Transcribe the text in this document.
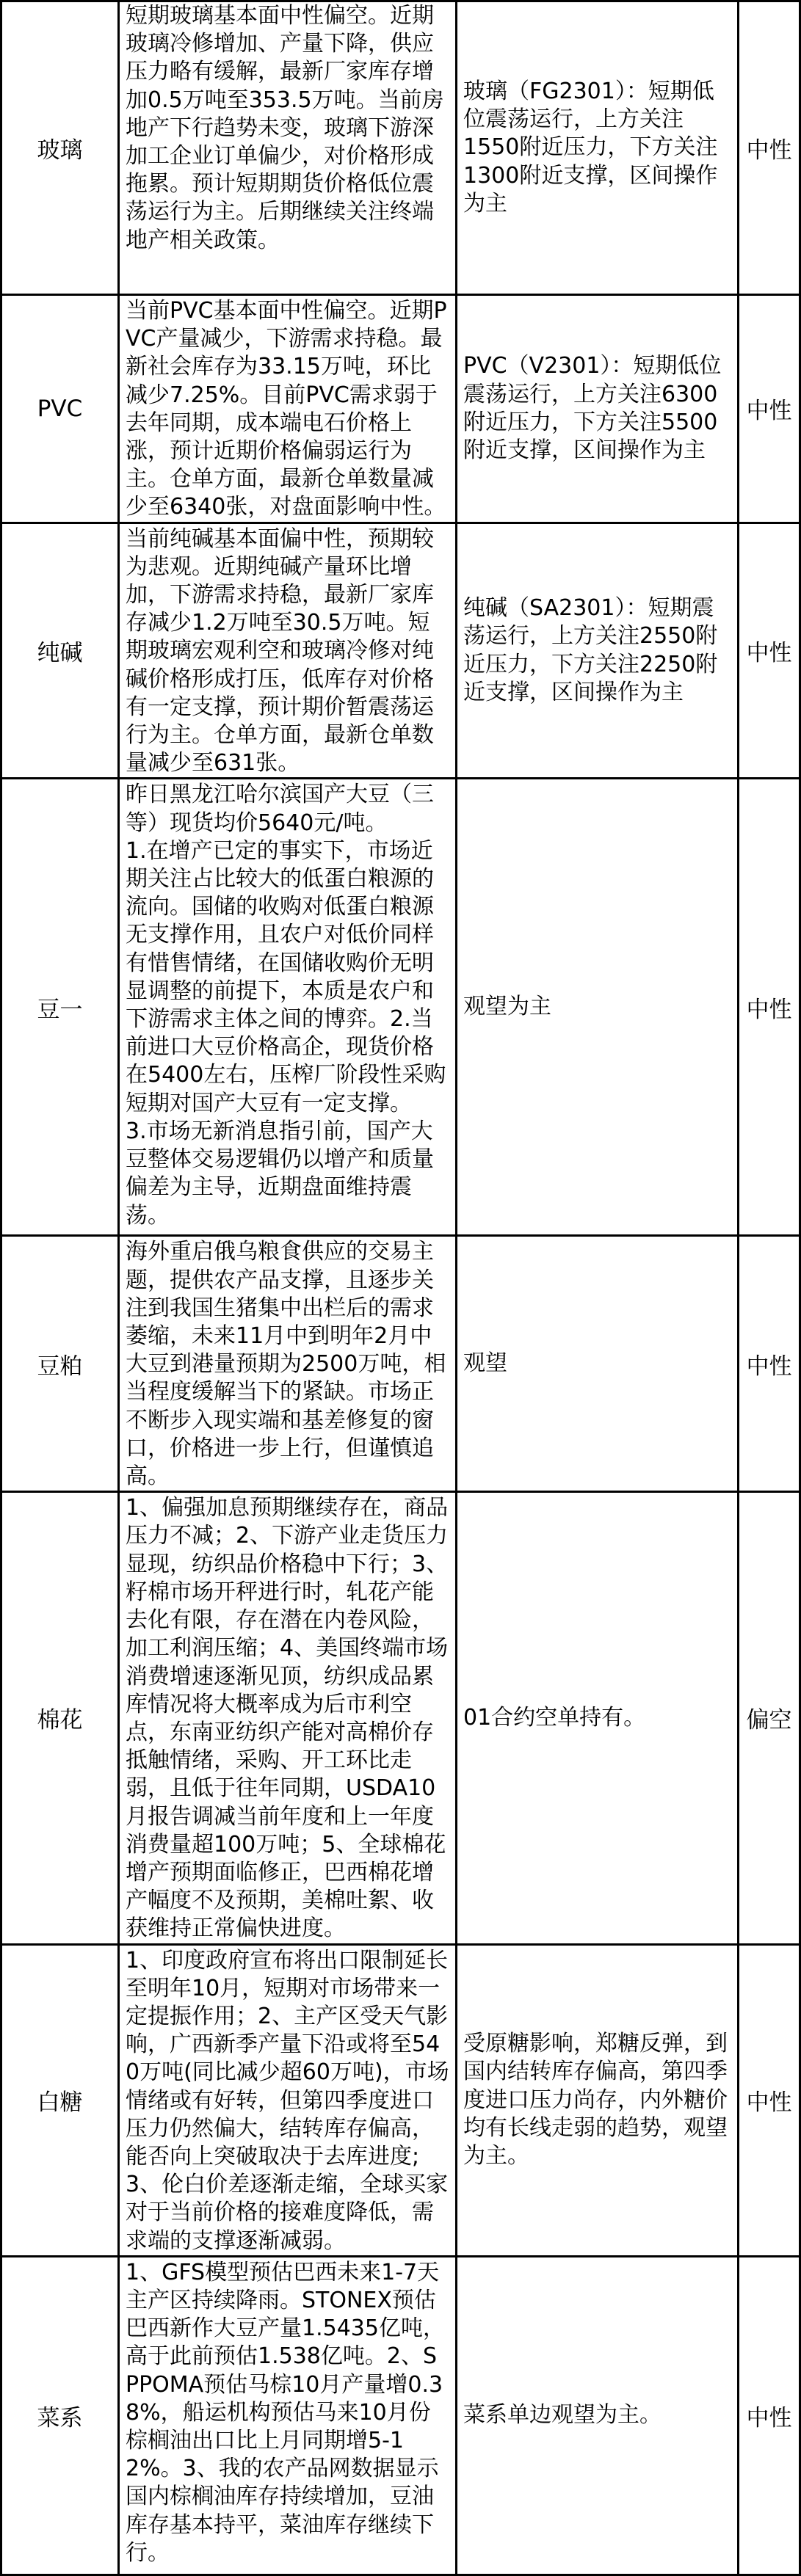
玻璃	短期玻璃基本面中性偏空。近期玻璃冷修增加、产量下降，供应压力略有缓解，最新厂家库存增加0.5万吨至353.5万吨。当前房地产下行趋势未变，玻璃下游深加工企业订单偏少，对价格形成拖累。预计短期期货价格低位震荡运行为主。后期继续关注终端地产相关政策。	玻璃（FG2301）：短期低位震荡运行，上方关注1550附近压力，下方关注1300附近支撑，区间操作为主	中性
PVC	当前PVC基本面中性偏空。近期PVC产量减少，下游需求持稳。最新社会库存为33.15万吨，环比减少7.25%。目前PVC需求弱于去年同期，成本端电石价格上涨，预计近期价格偏弱运行为主。仓单方面，最新仓单数量减少至6340张，对盘面影响中性。	PVC（V2301）：短期低位震荡运行，上方关注6300附近压力，下方关注5500附近支撑，区间操作为主	中性
纯碱	当前纯碱基本面偏中性，预期较为悲观。近期纯碱产量环比增加，下游需求持稳，最新厂家库存减少1.2万吨至30.5万吨。短期玻璃宏观利空和玻璃冷修对纯碱价格形成打压，低库存对价格有一定支撑，预计期价暂震荡运行为主。仓单方面，最新仓单数量减少至631张。	纯碱（SA2301）：短期震荡运行，上方关注2550附近压力，下方关注2250附近支撑，区间操作为主	中性
豆一	昨日黑龙江哈尔滨国产大豆（三等）现货均价5640元/吨。
1.在增产已定的事实下，市场近期关注占比较大的低蛋白粮源的流向。国储的收购对低蛋白粮源无支撑作用，且农户对低价同样有惜售情绪，在国储收购价无明显调整的前提下，本质是农户和下游需求主体之间的博弈。2.当前进口大豆价格高企，现货价格在5400左右，压榨厂阶段性采购短期对国产大豆有一定支撑。
3.市场无新消息指引前，国产大豆整体交易逻辑仍以增产和质量偏差为主导，近期盘面维持震荡。	观望为主	中性
豆粕	海外重启俄乌粮食供应的交易主题，提供农产品支撑，且逐步关注到我国生猪集中出栏后的需求萎缩，未来11月中到明年2月中大豆到港量预期为2500万吨，相当程度缓解当下的紧缺。市场正不断步入现实端和基差修复的窗口，价格进一步上行，但谨慎追高。	观望	中性
棉花	1、偏强加息预期继续存在，商品压力不减；2、下游产业走货压力显现，纺织品价格稳中下行；3、籽棉市场开秤进行时，轧花产能去化有限，存在潜在内卷风险，加工利润压缩；4、美国终端市场消费增速逐渐见顶，纺织成品累库情况将大概率成为后市利空点，东南亚纺织产能对高棉价存抵触情绪，采购、开工环比走弱，且低于往年同期，USDA10月报告调减当前年度和上一年度消费量超100万吨；5、全球棉花增产预期面临修正，巴西棉花增产幅度不及预期，美棉吐絮、收获维持正常偏快进度。	01合约空单持有。	偏空
白糖	1、印度政府宣布将出口限制延长至明年10月，短期对市场带来一定提振作用；2、主产区受天气影响，广西新季产量下沿或将至540万吨(同比减少超60万吨)，市场情绪或有好转，但第四季度进口压力仍然偏大，结转库存偏高，能否向上突破取决于去库进度;3、伦白价差逐渐走缩，全球买家对于当前价格的接难度降低，需求端的支撑逐渐减弱。	受原糖影响，郑糖反弹，到国内结转库存偏高，第四季度进口压力尚存，内外糖价均有长线走弱的趋势，观望为主。	中性
菜系	1、GFS模型预估巴西未来1-7天主产区持续降雨。STONEX预估巴西新作大豆产量1.5435亿吨，高于此前预估1.538亿吨。2、SPPOMA预估马棕10月产量增0.38%，船运机构预估马来10月份棕榈油出口比上月同期增5-12%。3、我的农产品网数据显示国内棕榈油库存持续增加，豆油库存基本持平，菜油库存继续下行。	菜系单边观望为主。	中性
